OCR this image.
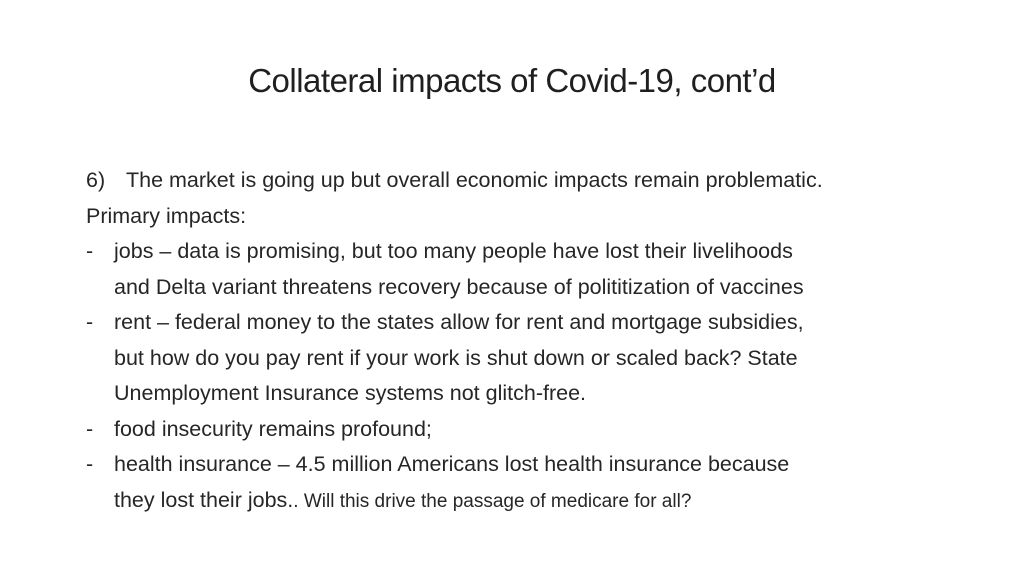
Collateral impacts of Covid-19, cont’d
6) The market is going up but overall economic impacts remain problematic.
Primary impacts:
- jobs – data is promising, but too many people have lost their livelihoods
and Delta variant threatens recovery because of polititization of vaccines
- rent – federal money to the states allow for rent and mortgage subsidies,
but how do you pay rent if your work is shut down or scaled back? State
Unemployment Insurance systems not glitch-free.
- food insecurity remains profound;
- health insurance – 4.5 million Americans lost health insurance because
they lost their jobs.. Will this drive the passage of medicare for all?
